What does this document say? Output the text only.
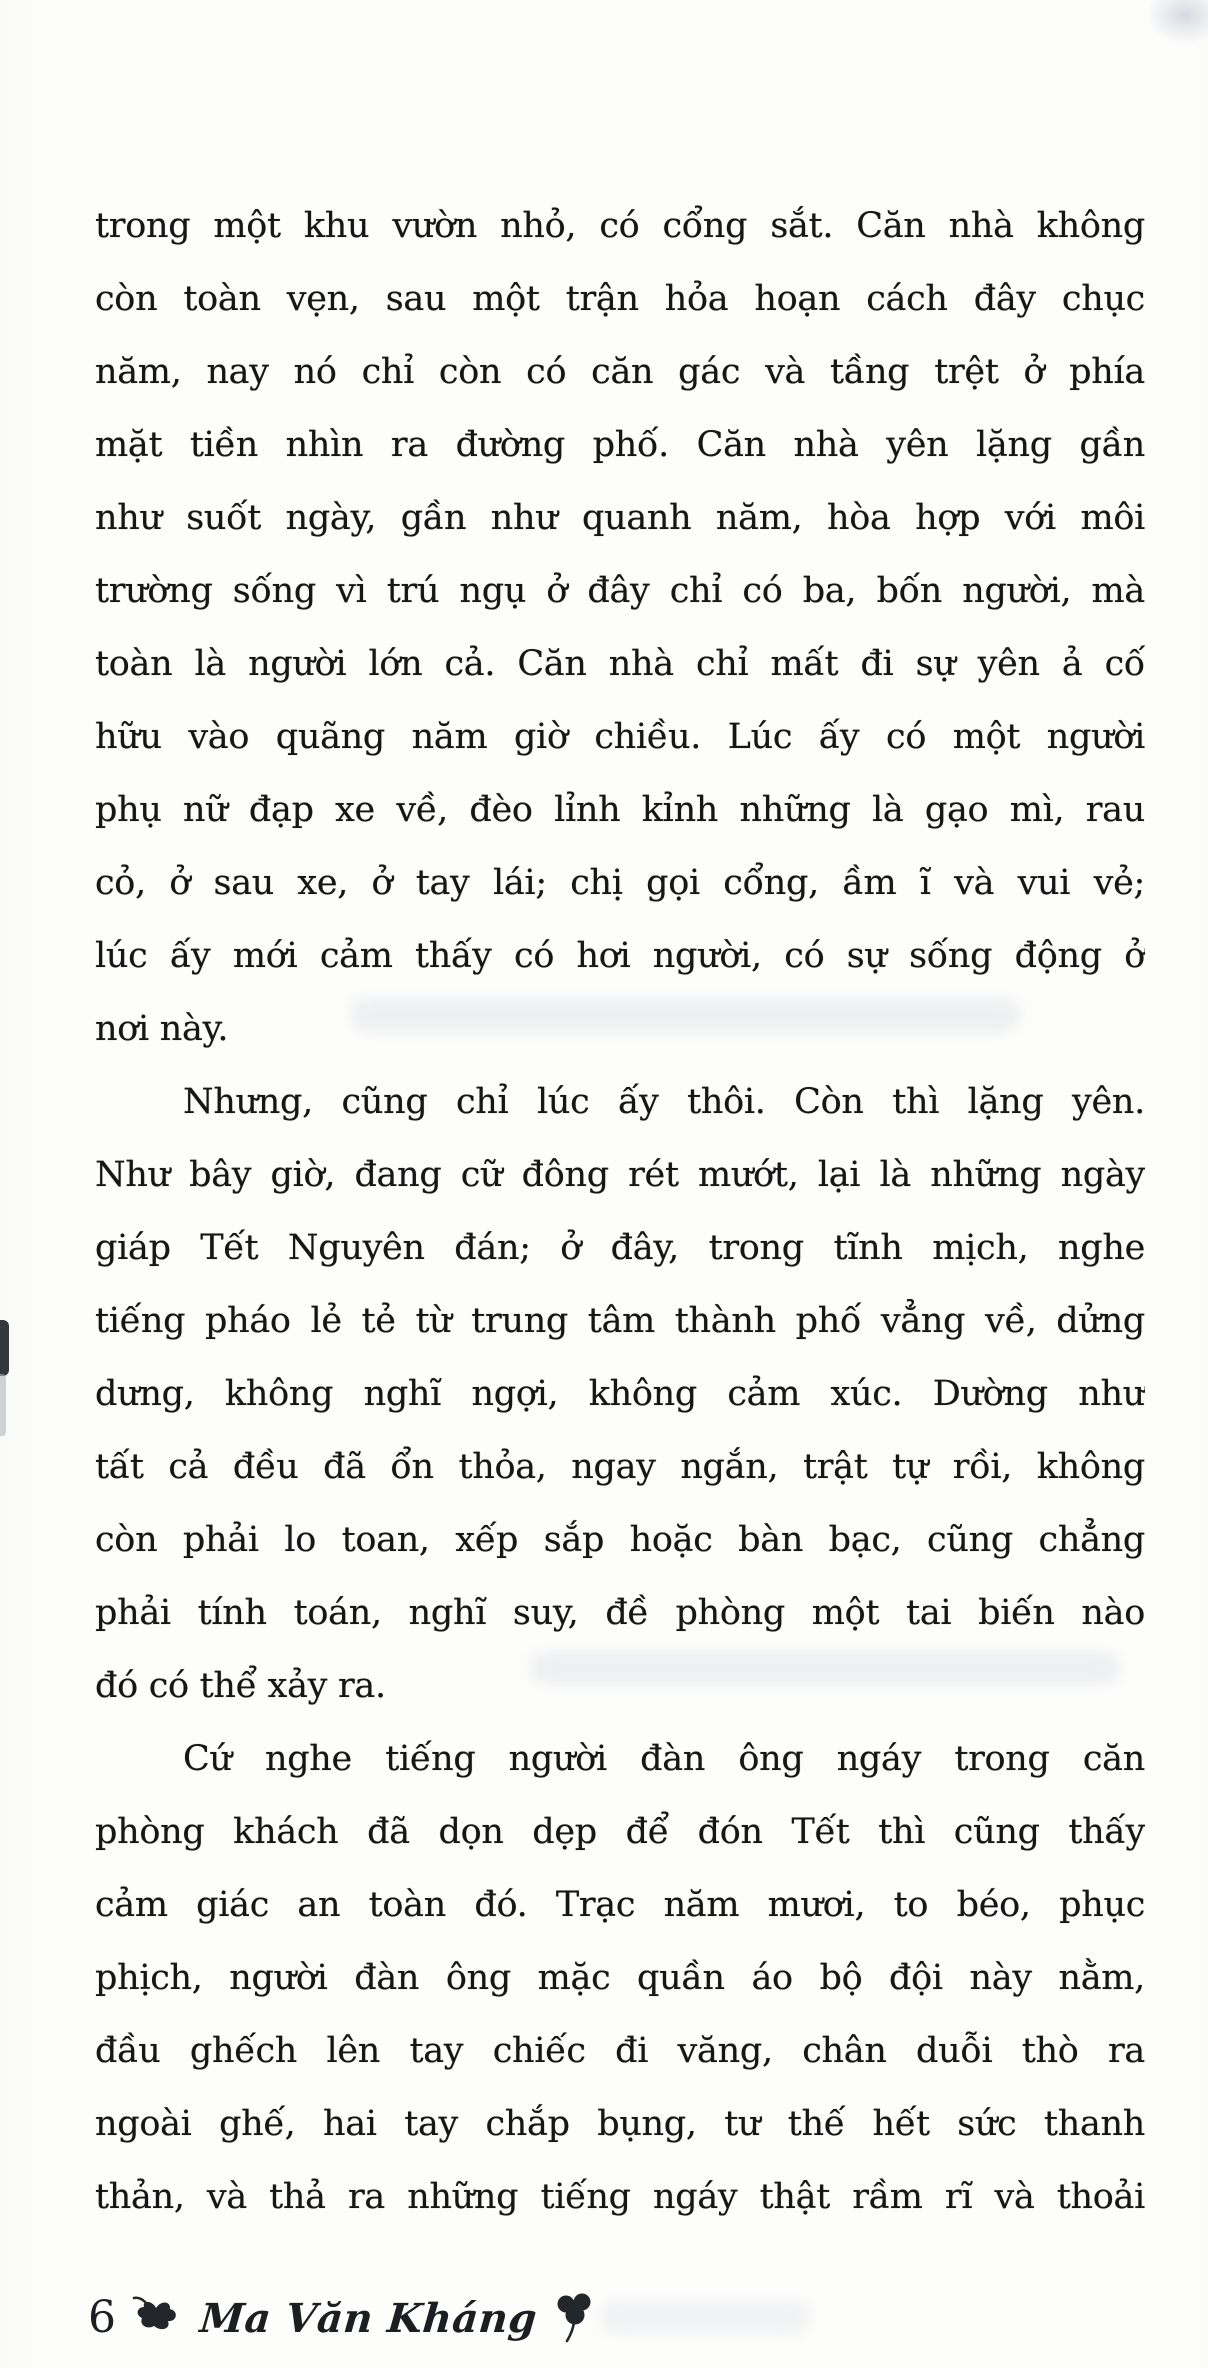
trong một khu vườn nhỏ, có cổng sắt. Căn nhà không
còn toàn vẹn, sau một trận hỏa hoạn cách đây chục
năm, nay nó chỉ còn có căn gác và tầng trệt ở phía
mặt tiền nhìn ra đường phố. Căn nhà yên lặng gần
như suốt ngày, gần như quanh năm, hòa hợp với môi
trường sống vì trú ngụ ở đây chỉ có ba, bốn người, mà
toàn là người lớn cả. Căn nhà chỉ mất đi sự yên ả cố
hữu vào quãng năm giờ chiều. Lúc ấy có một người
phụ nữ đạp xe về, đèo lỉnh kỉnh những là gạo mì, rau
cỏ, ở sau xe, ở tay lái; chị gọi cổng, ầm ĩ và vui vẻ;
lúc ấy mới cảm thấy có hơi người, có sự sống động ở
nơi này.
Nhưng, cũng chỉ lúc ấy thôi. Còn thì lặng yên.
Như bây giờ, đang cữ đông rét mướt, lại là những ngày
giáp Tết Nguyên đán; ở đây, trong tĩnh mịch, nghe
tiếng pháo lẻ tẻ từ trung tâm thành phố vẳng về, dửng
dưng, không nghĩ ngợi, không cảm xúc. Dường như
tất cả đều đã ổn thỏa, ngay ngắn, trật tự rồi, không
còn phải lo toan, xếp sắp hoặc bàn bạc, cũng chẳng
phải tính toán, nghĩ suy, đề phòng một tai biến nào
đó có thể xảy ra.
Cứ nghe tiếng người đàn ông ngáy trong căn
phòng khách đã dọn dẹp để đón Tết thì cũng thấy
cảm giác an toàn đó. Trạc năm mươi, to béo, phục
phịch, người đàn ông mặc quần áo bộ đội này nằm,
đầu ghếch lên tay chiếc đi văng, chân duỗi thò ra
ngoài ghế, hai tay chắp bụng, tư thế hết sức thanh
thản, và thả ra những tiếng ngáy thật rầm rĩ và thoải
6 Ma Văn Kháng
